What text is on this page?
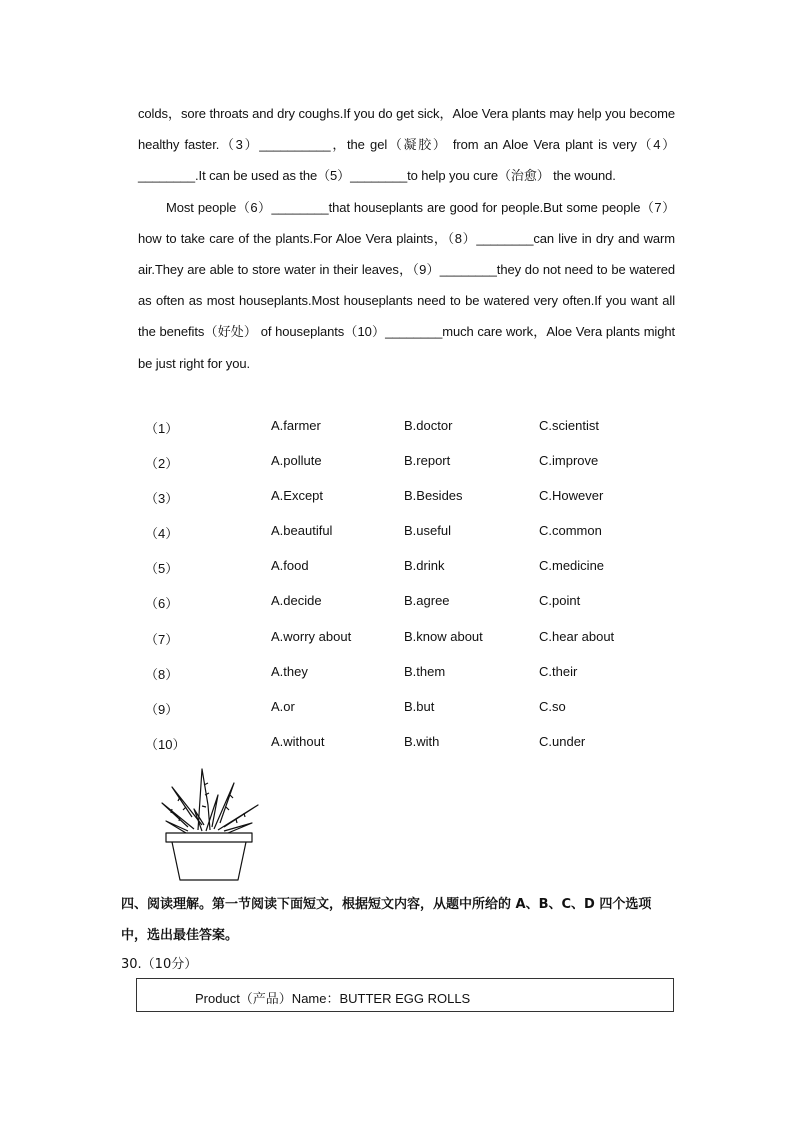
colds，sore throats and dry coughs.If you do get sick，Aloe Vera plants may help you become healthy faster.（3）__________，the gel（凝胶） from an Aloe Vera plant is very（4）________.It can be used as the（5）________to help you cure（治愈） the wound.

Most people（6）________that houseplants are good for people.But some people（7）how to take care of the plants.For Aloe Vera plaints，（8）________can live in dry and warm air.They are able to store water in their leaves，（9）________they do not need to be watered as often as most houseplants.Most houseplants need to be watered very often.If you want all the benefits（好处） of houseplants（10）________much care work，Aloe Vera plants might be just right for you.

（1）	A.farmer	B.doctor	C.scientist
（2）	A.pollute	B.report	C.improve
（3）	A.Except	B.Besides	C.However
（4）	A.beautiful	B.useful	C.common
（5）	A.food	B.drink	C.medicine
（6）	A.decide	B.agree	C.point
（7）	A.worry about	B.know about	C.hear about
（8）	A.they	B.them	C.their
（9）	A.or	B.but	C.so
（10）	A.without	B.with	C.under
四、阅读理解。第一节阅读下面短文，根据短文内容，从题中所给的 A、B、C、D 四个选项中，选出最佳答案。
30.（10分）
Product（产品）Name：BUTTER EGG ROLLS
